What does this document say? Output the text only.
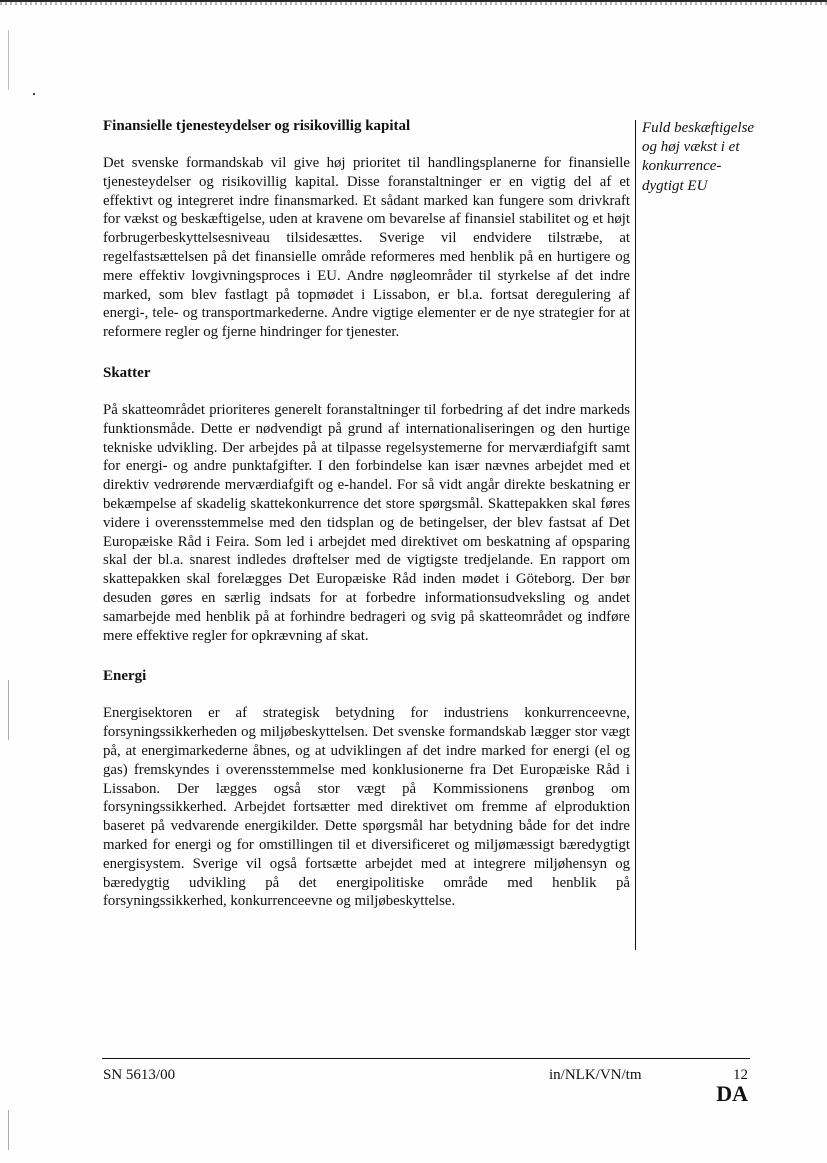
Finansielle tjenesteydelser og risikovillig kapital

Det svenske formandskab vil give høj prioritet til handlingsplanerne for finansielle tjenesteydelser og risikovillig kapital. Disse foranstaltninger er en vigtig del af et effektivt og integreret indre finansmarked. Et sådant marked kan fungere som drivkraft for vækst og beskæftigelse, uden at kravene om bevarelse af finansiel stabilitet og et højt forbrugerbeskyttelsesniveau tilsidesættes. Sverige vil endvidere tilstræbe, at regelfastsættelsen på det finansielle område reformeres med henblik på en hurtigere og mere effektiv lovgivningsproces i EU. Andre nøgleområder til styrkelse af det indre marked, som blev fastlagt på topmødet i Lissabon, er bl.a. fortsat deregulering af energi-, tele- og transportmarkederne. Andre vigtige elementer er de nye strategier for at reformere regler og fjerne hindringer for tjenester.

Skatter

På skatteområdet prioriteres generelt foranstaltninger til forbedring af det indre markeds funktionsmåde. Dette er nødvendigt på grund af internationaliseringen og den hurtige tekniske udvikling. Der arbejdes på at tilpasse regelsystemerne for merværdiafgift samt for energi- og andre punktafgifter. I den forbindelse kan især nævnes arbejdet med et direktiv vedrørende merværdiafgift og e-handel. For så vidt angår direkte beskatning er bekæmpelse af skadelig skattekonkurrence det store spørgsmål. Skattepakken skal føres videre i overensstemmelse med den tidsplan og de betingelser, der blev fastsat af Det Europæiske Råd i Feira. Som led i arbejdet med direktivet om beskatning af opsparing skal der bl.a. snarest indledes drøftelser med de vigtigste tredjelande. En rapport om skattepakken skal forelægges Det Europæiske Råd inden mødet i Göteborg. Der bør desuden gøres en særlig indsats for at forbedre informationsudveksling og andet samarbejde med henblik på at forhindre bedrageri og svig på skatteområdet og indføre mere effektive regler for opkrævning af skat.

Energi

Energisektoren er af strategisk betydning for industriens konkurrenceevne, forsyningssikkerheden og miljøbeskyttelsen. Det svenske formandskab lægger stor vægt på, at energimarkederne åbnes, og at udviklingen af det indre marked for energi (el og gas) fremskyndes i overensstemmelse med konklusionerne fra Det Europæiske Råd i Lissabon. Der lægges også stor vægt på Kommissionens grønbog om forsyningssikkerhed. Arbejdet fortsætter med direktivet om fremme af elproduktion baseret på vedvarende energikilder. Dette spørgsmål har betydning både for det indre marked for energi og for omstillingen til et diversificeret og miljømæssigt bæredygtigt energisystem. Sverige vil også fortsætte arbejdet med at integrere miljøhensyn og bæredygtig udvikling på det energipolitiske område med henblik på forsyningssikkerhed, konkurrenceevne og miljøbeskyttelse.

Fuld beskæftigelse og høj vækst i et konkurrence-dygtigt EU
SN 5613/00	in/NLK/VN/tm	12
DA
